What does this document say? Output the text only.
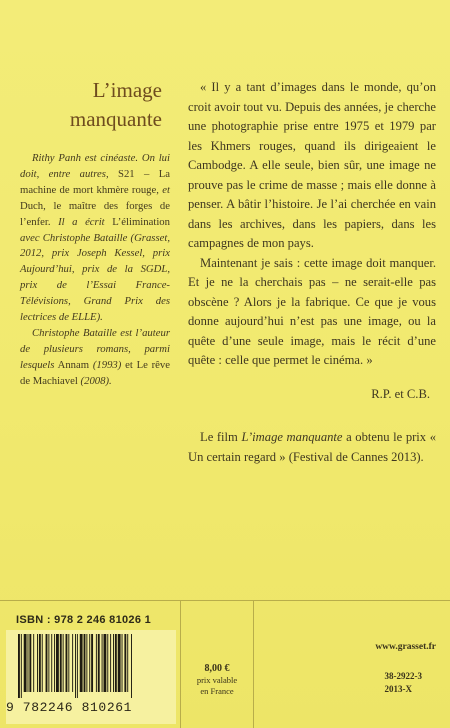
L’image
manquante

Rithy Panh est cinéaste. On lui doit, entre autres, S21 – La machine de mort khmère rouge, et Duch, le maître des forges de l’enfer. Il a écrit L’élimination avec Christophe Bataille (Grasset, 2012, prix Joseph Kessel, prix Aujourd’hui, prix de la SGDL, prix de l’Essai France-Télévisions, Grand Prix des lectrices de ELLE).

Christophe Bataille est l’auteur de plusieurs romans, parmi lesquels Annam (1993) et Le rêve de Machiavel (2008).

« Il y a tant d’images dans le monde, qu’on croit avoir tout vu. Depuis des années, je cherche une photographie prise entre 1975 et 1979 par les Khmers rouges, quand ils dirigeaient le Cambodge. A elle seule, bien sûr, une image ne prouve pas le crime de masse ; mais elle donne à penser. A bâtir l’histoire. Je l’ai cherchée en vain dans les archives, dans les papiers, dans les campagnes de mon pays.

Maintenant je sais : cette image doit manquer. Et je ne la cherchais pas – ne serait-elle pas obscène ? Alors je la fabrique. Ce que je vous donne aujourd’hui n’est pas une image, ou la quête d’une seule image, mais le récit d’une quête : celle que permet le cinéma. »

R.P. et C.B.

Le film L’image manquante a obtenu le prix « Un certain regard » (Festival de Cannes 2013).

ISBN : 978 2 246 81026 1
9 782246 810261
8,00 €
prix valable
en France
www.grasset.fr
38-2922-3
2013-X
